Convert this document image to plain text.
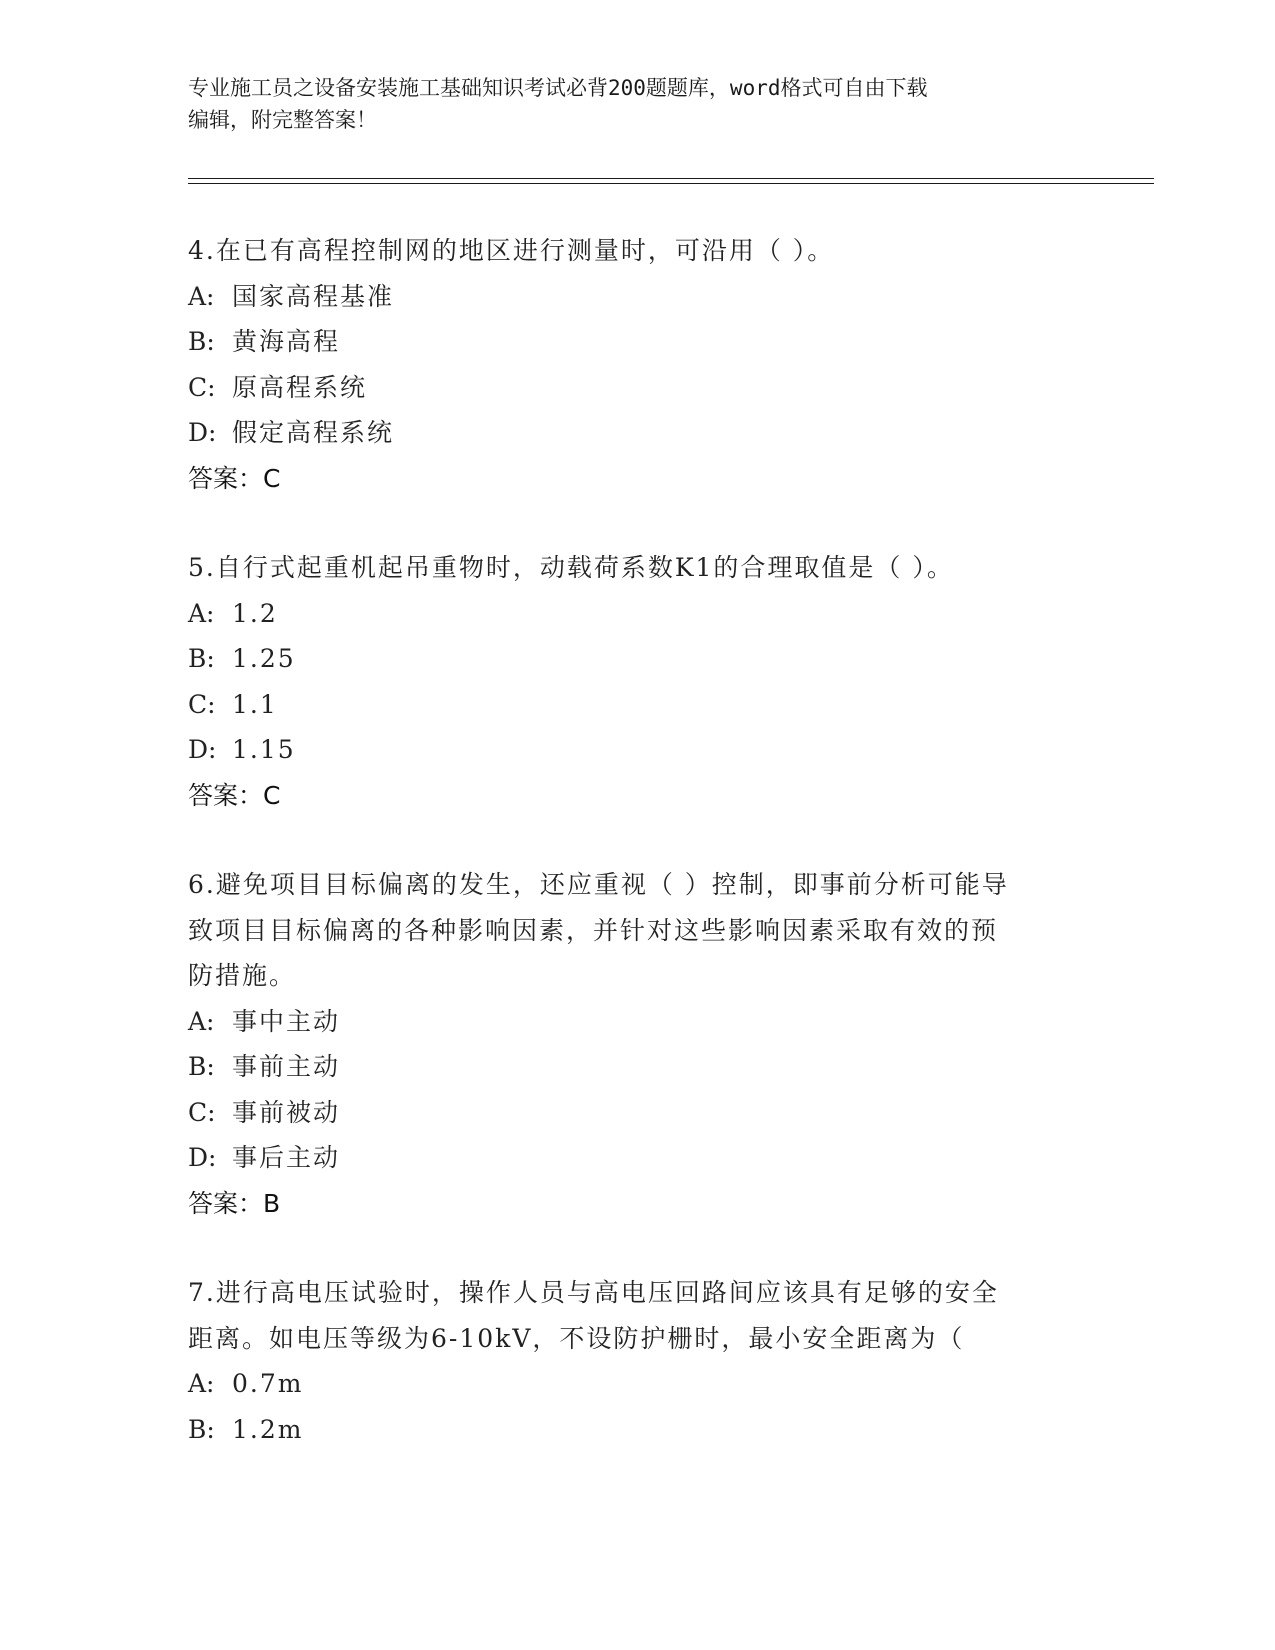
专业施工员之设备安装施工基础知识考试必背200题题库，word格式可自由下载
编辑，附完整答案！
4.在已有高程控制网的地区进行测量时，可沿用（ ）。
A: 国家高程基准
B: 黄海高程
C: 原高程系统
D: 假定高程系统
答案：C
5.自行式起重机起吊重物时，动载荷系数K1的合理取值是（ ）。
A: 1.2
B: 1.25
C: 1.1
D: 1.15
答案：C
6.避免项目目标偏离的发生，还应重视（ ）控制，即事前分析可能导
致项目目标偏离的各种影响因素，并针对这些影响因素采取有效的预
防措施。
A: 事中主动
B: 事前主动
C: 事前被动
D: 事后主动
答案：B
7.进行高电压试验时，操作人员与高电压回路间应该具有足够的安全
距离。如电压等级为6-10kV，不设防护栅时，最小安全距离为（
A: 0.7m
B: 1.2m
